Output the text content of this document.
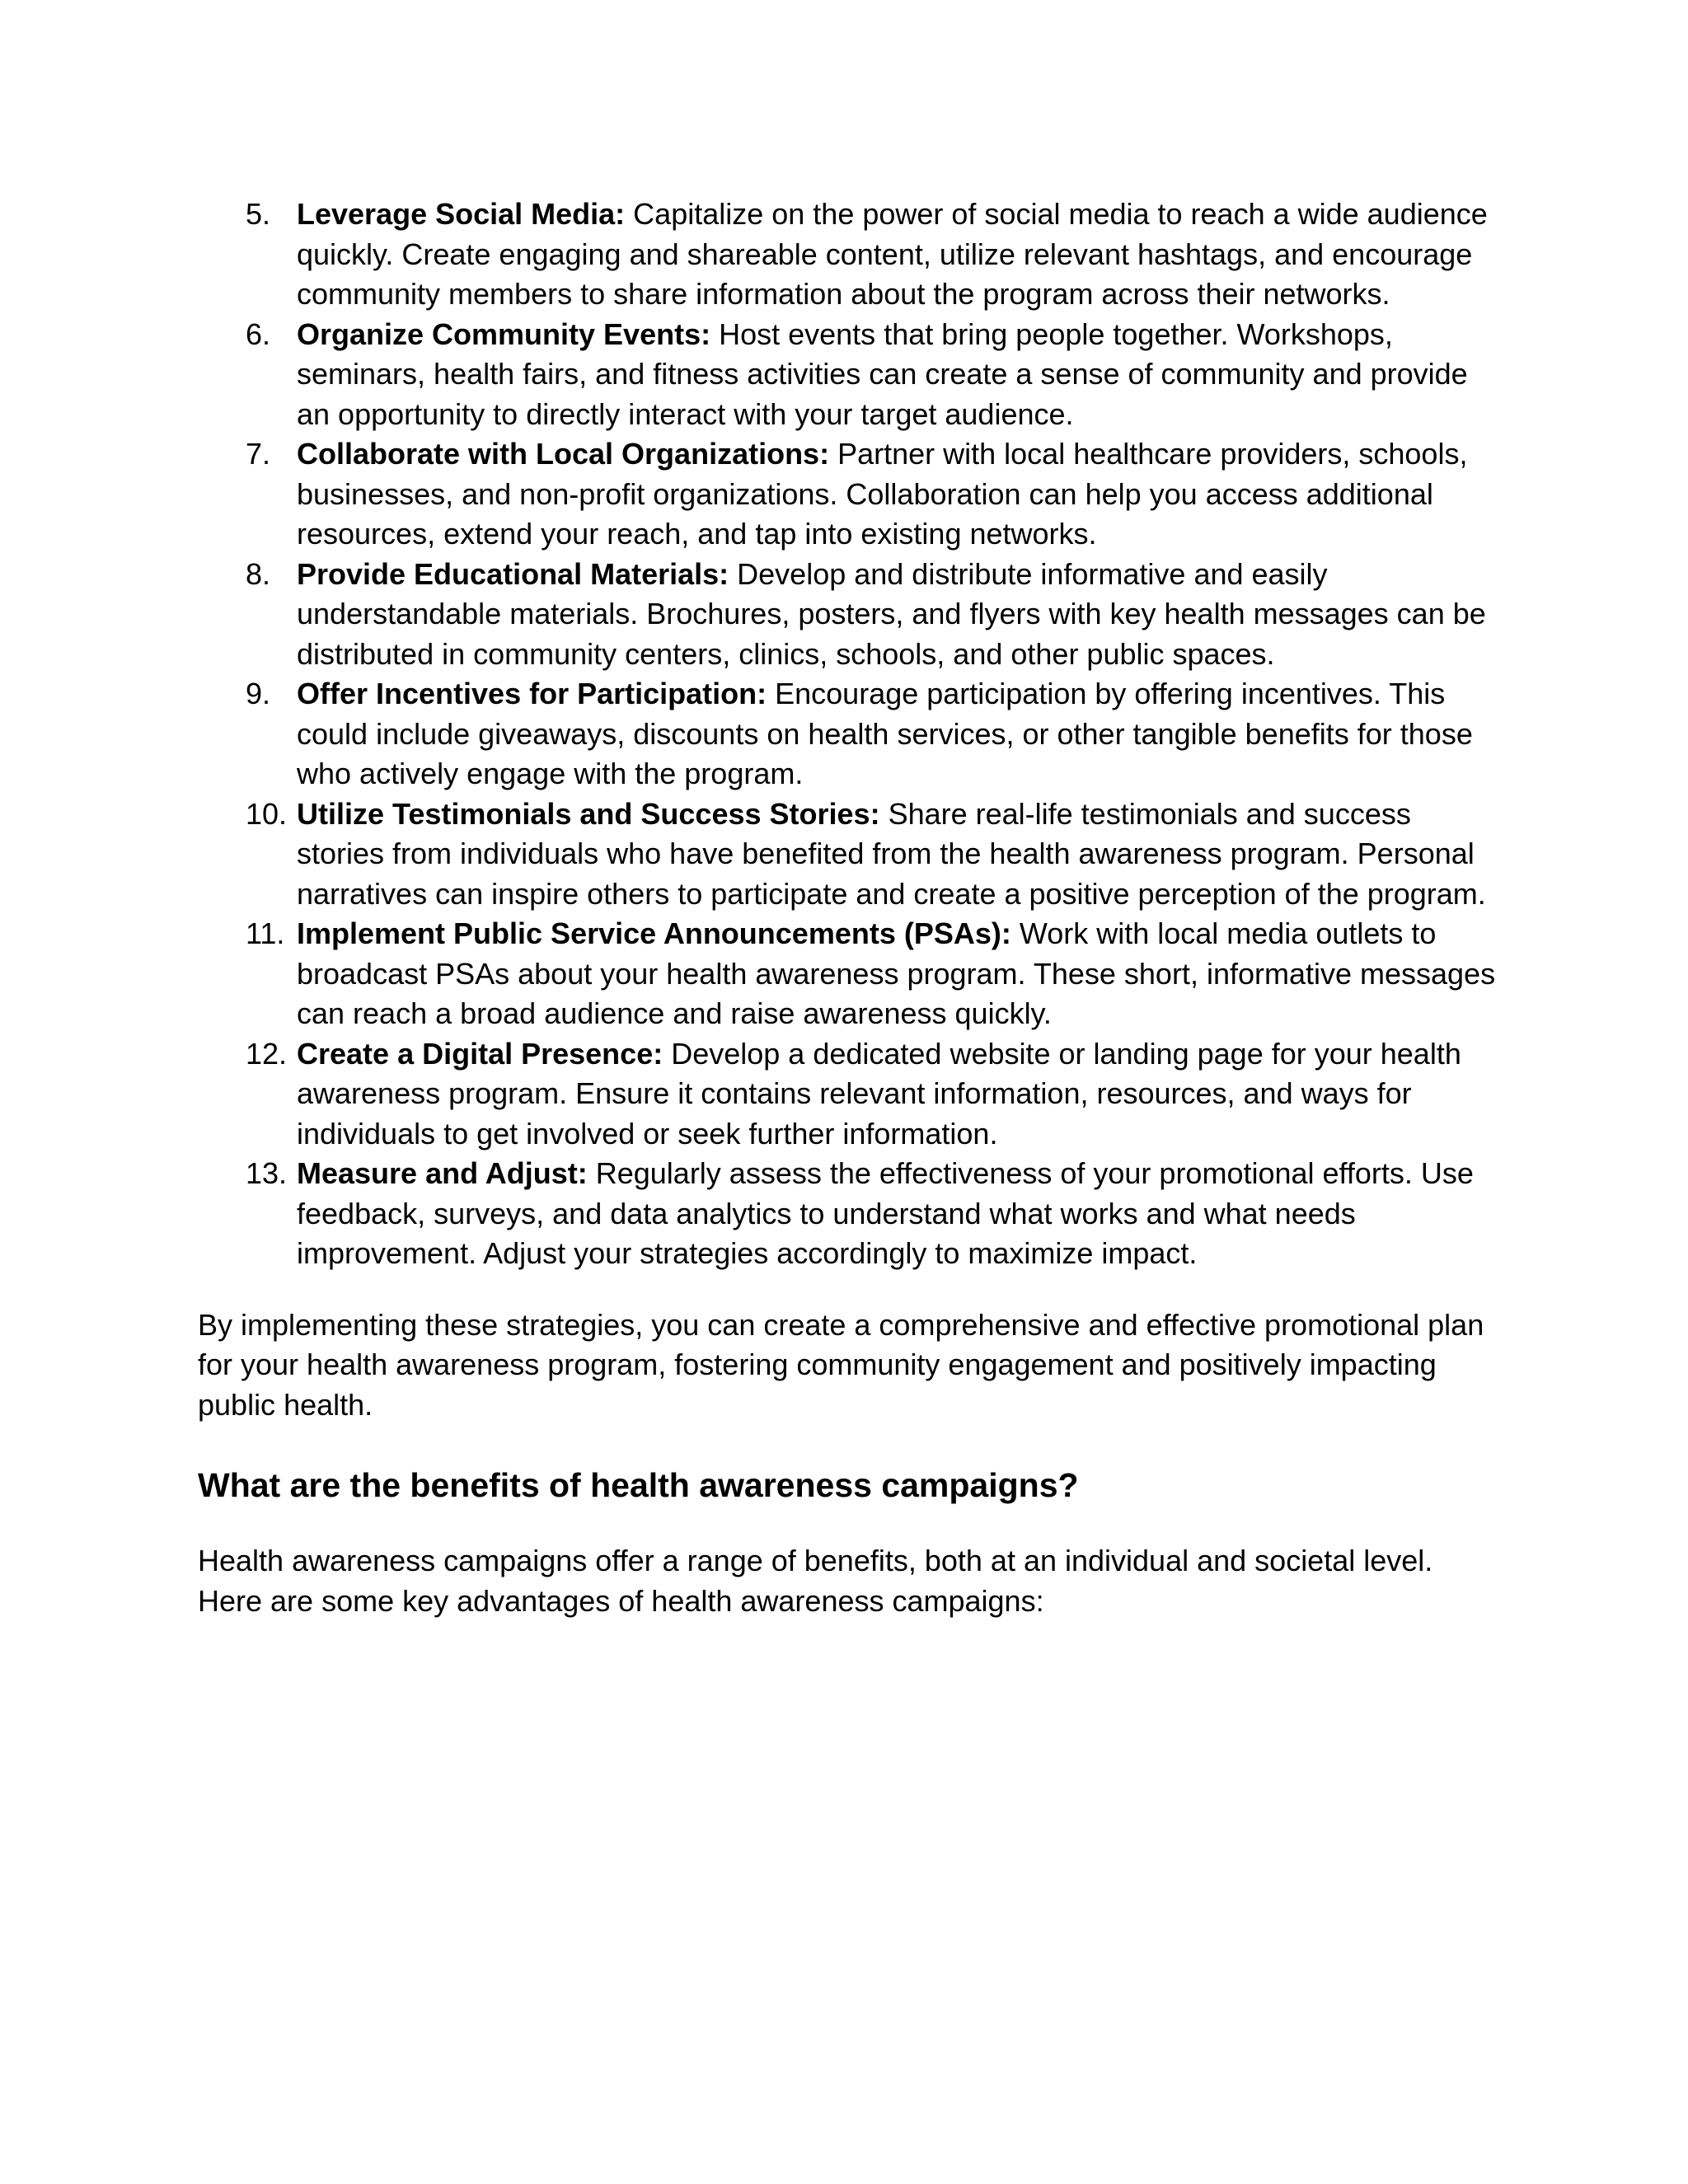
5. Leverage Social Media: Capitalize on the power of social media to reach a wide audience quickly. Create engaging and shareable content, utilize relevant hashtags, and encourage community members to share information about the program across their networks.
6. Organize Community Events: Host events that bring people together. Workshops, seminars, health fairs, and fitness activities can create a sense of community and provide an opportunity to directly interact with your target audience.
7. Collaborate with Local Organizations: Partner with local healthcare providers, schools, businesses, and non-profit organizations. Collaboration can help you access additional resources, extend your reach, and tap into existing networks.
8. Provide Educational Materials: Develop and distribute informative and easily understandable materials. Brochures, posters, and flyers with key health messages can be distributed in community centers, clinics, schools, and other public spaces.
9. Offer Incentives for Participation: Encourage participation by offering incentives. This could include giveaways, discounts on health services, or other tangible benefits for those who actively engage with the program.
10. Utilize Testimonials and Success Stories: Share real-life testimonials and success stories from individuals who have benefited from the health awareness program. Personal narratives can inspire others to participate and create a positive perception of the program.
11. Implement Public Service Announcements (PSAs): Work with local media outlets to broadcast PSAs about your health awareness program. These short, informative messages can reach a broad audience and raise awareness quickly.
12. Create a Digital Presence: Develop a dedicated website or landing page for your health awareness program. Ensure it contains relevant information, resources, and ways for individuals to get involved or seek further information.
13. Measure and Adjust: Regularly assess the effectiveness of your promotional efforts. Use feedback, surveys, and data analytics to understand what works and what needs improvement. Adjust your strategies accordingly to maximize impact.

By implementing these strategies, you can create a comprehensive and effective promotional plan for your health awareness program, fostering community engagement and positively impacting public health.

What are the benefits of health awareness campaigns?

Health awareness campaigns offer a range of benefits, both at an individual and societal level. Here are some key advantages of health awareness campaigns:
